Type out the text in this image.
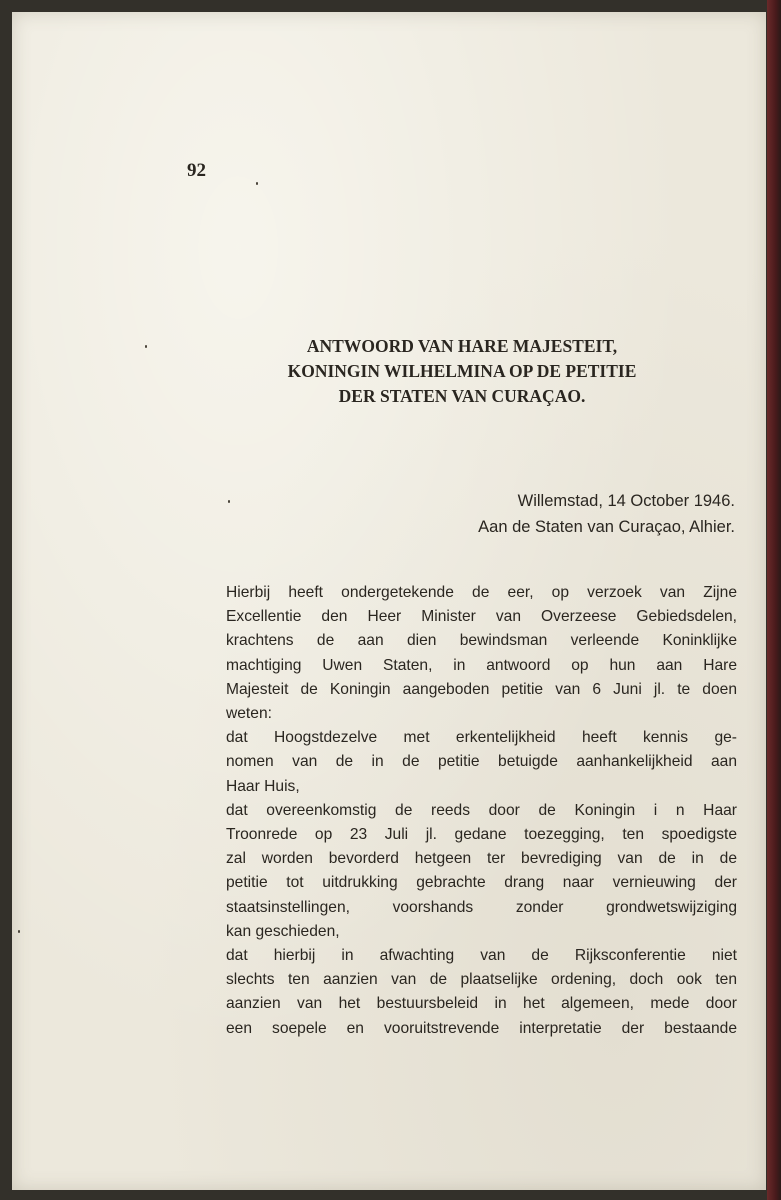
92
ANTWOORD VAN HARE MAJESTEIT,
KONINGIN WILHELMINA OP DE PETITIE
DER STATEN VAN CURAÇAO.
Willemstad, 14 October 1946.
Aan de Staten van Curaçao, Alhier.

Hierbij heeft ondergetekende de eer, op verzoek van Zijne
Excellentie den Heer Minister van Overzeese Gebiedsdelen,
krachtens de aan dien bewindsman verleende Koninklijke
machtiging Uwen Staten, in antwoord op hun aan Hare
Majesteit de Koningin aangeboden petitie van 6 Juni jl. te doen
weten:

dat Hoogstdezelve met erkentelijkheid heeft kennis ge-
nomen van de in de petitie betuigde aanhankelijkheid aan
Haar Huis,

dat overeenkomstig de reeds door de Koningin i n Haar
Troonrede op 23 Juli jl. gedane toezegging, ten spoedigste
zal worden bevorderd hetgeen ter bevrediging van de in de
petitie tot uitdrukking gebrachte drang naar vernieuwing der
staatsinstellingen, voorshands zonder grondwetswijziging
kan geschieden,

dat hierbij in afwachting van de Rijksconferentie niet
slechts ten aanzien van de plaatselijke ordening, doch ook ten
aanzien van het bestuursbeleid in het algemeen, mede door
een soepele en vooruitstrevende interpretatie der bestaande
